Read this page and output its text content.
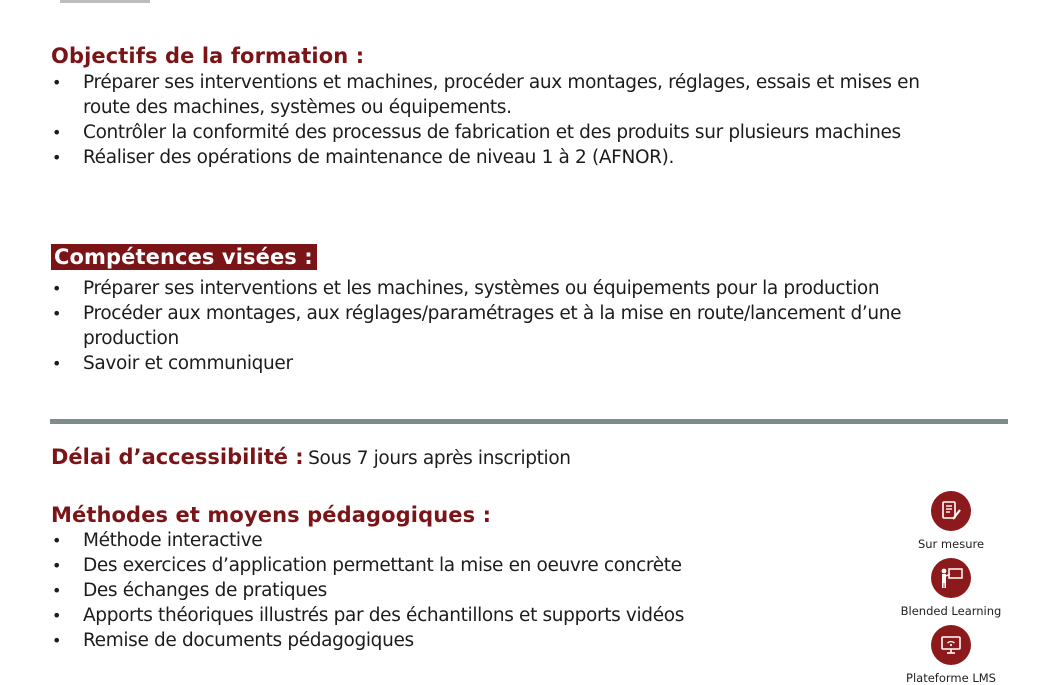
Objectifs de la formation :
• Préparer ses interventions et machines, procéder aux montages, réglages, essais et mises en route des machines, systèmes ou équipements.
• Contrôler la conformité des processus de fabrication et des produits sur plusieurs machines
• Réaliser des opérations de maintenance de niveau 1 à 2 (AFNOR).
Compétences visées :
• Préparer ses interventions et les machines, systèmes ou équipements pour la production
• Procéder aux montages, aux réglages/paramétrages et à la mise en route/lancement d’une production
• Savoir et communiquer
Délai d’accessibilité : Sous 7 jours après inscription
Méthodes et moyens pédagogiques :
• Méthode interactive
• Des exercices d’application permettant la mise en oeuvre concrète
• Des échanges de pratiques
• Apports théoriques illustrés par des échantillons et supports vidéos
• Remise de documents pédagogiques
Sur mesure
Blended Learning
Plateforme LMS
